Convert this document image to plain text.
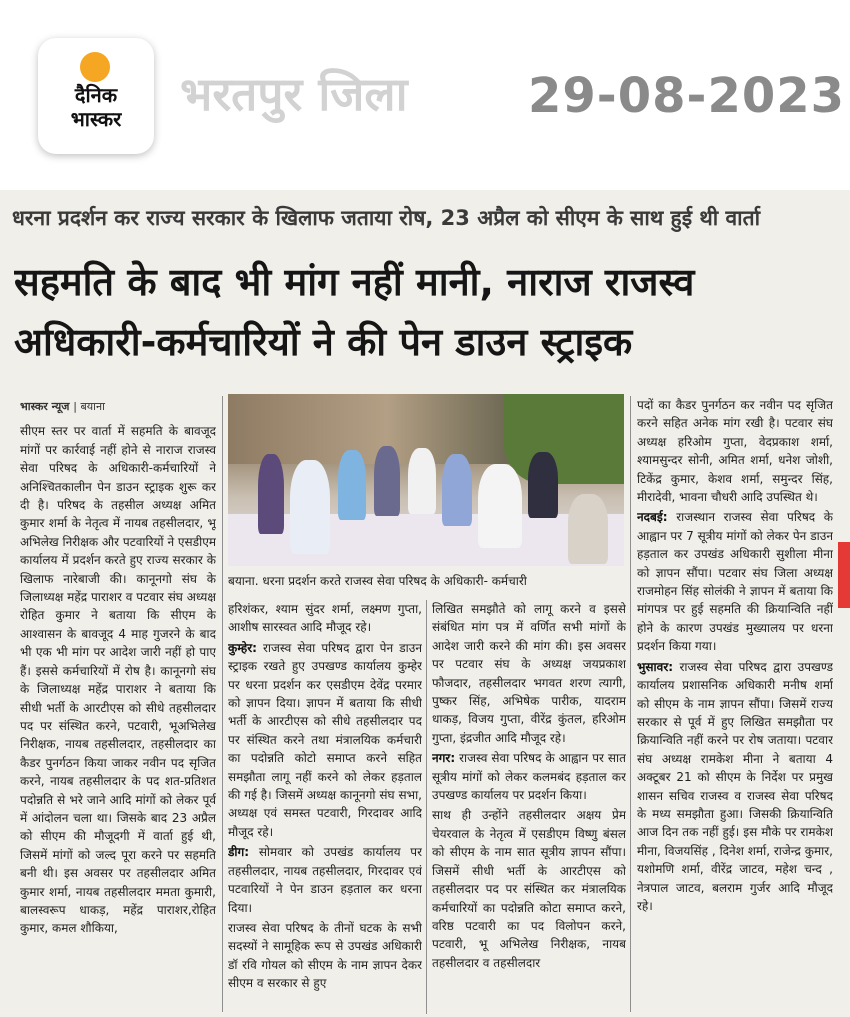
दैनिक
भास्कर	भरतपुर जिला	29-08-2023
धरना प्रदर्शन कर राज्य सरकार के खिलाफ जताया रोष, 23 अप्रैल को सीएम के साथ हुई थी वार्ता
सहमति के बाद भी मांग नहीं मानी, नाराज राजस्व
अधिकारी-कर्मचारियों ने की पेन डाउन स्ट्राइक
भास्कर न्यूज | बयाना

सीएम स्तर पर वार्ता में सहमति के बावजूद मांगों पर कार्रवाई नहीं होने से नाराज राजस्व सेवा परिषद के अधिकारी-कर्मचारियों ने अनिश्चितकालीन पेन डाउन स्ट्राइक शुरू कर दी है। परिषद के तहसील अध्यक्ष अमित कुमार शर्मा के नेतृत्व में नायब तहसीलदार, भू अभिलेख निरीक्षक और पटवारियों ने एसडीएम कार्यालय में प्रदर्शन करते हुए राज्य सरकार के खिलाफ नारेबाजी की। कानूनगो संघ के जिलाध्यक्ष महेंद्र पाराशर व पटवार संघ अध्यक्ष रोहित कुमार ने बताया कि सीएम के आश्वासन के बावजूद 4 माह गुजरने के बाद भी एक भी मांग पर आदेश जारी नहीं हो पाए हैं। इससे कर्मचारियों में रोष है। कानूनगो संघ के जिलाध्यक्ष महेंद्र पाराशर ने बताया कि सीधी भर्ती के आरटीएस को सीधे तहसीलदार पद पर संस्थित करने, पटवारी, भूअभिलेख निरीक्षक, नायब तहसीलदार, तहसीलदार का कैडर पुनर्गठन किया जाकर नवीन पद सृजित करने, नायब तहसीलदार के पद शत-प्रतिशत पदोन्नति से भरे जाने आदि मांगों को लेकर पूर्व में आंदोलन चला था। जिसके बाद 23 अप्रैल को सीएम की मौजूदगी में वार्ता हुई थी, जिसमें मांगों को जल्द पूरा करने पर सहमति बनी थी। इस अवसर पर तहसीलदार अमित कुमार शर्मा, नायब तहसीलदार ममता कुमारी, बालस्वरूप धाकड़, महेंद्र पाराशर,रोहित कुमार, कमल शौकिया,

बयाना. धरना प्रदर्शन करते राजस्व सेवा परिषद के अधिकारी- कर्मचारी

हरिशंकर, श्याम सुंदर शर्मा, लक्ष्मण गुप्ता, आशीष सारस्वत आदि मौजूद रहे।

कुम्हेर: राजस्व सेवा परिषद द्वारा पेन डाउन स्ट्राइक रखते हुए उपखण्ड कार्यालय कुम्हेर पर धरना प्रदर्शन कर एसडीएम देवेंद्र परमार को ज्ञापन दिया। ज्ञापन में बताया कि सीधी भर्ती के आरटीएस को सीधे तहसीलदार पद पर संस्थित करने तथा मंत्रालयिक कर्मचारी का पदोन्नति कोटो समाप्त करने सहित समझौता लागू नहीं करने को लेकर हड़ताल की गई है। जिसमें अध्यक्ष कानूनगो संघ सभा, अध्यक्ष एवं समस्त पटवारी, गिरदावर आदि मौजूद रहे।

डीग: सोमवार को उपखंड कार्यालय पर तहसीलदार, नायब तहसीलदार, गिरदावर एवं पटवारियों ने पेन डाउन हड़ताल कर धरना दिया।

राजस्व सेवा परिषद के तीनों घटक के सभी सदस्यों ने सामूहिक रूप से उपखंड अधिकारी डॉ रवि गोयल को सीएम के नाम ज्ञापन देकर सीएम व सरकार से हुए

लिखित समझौते को लागू करने व इससे संबंधित मांग पत्र में वर्णित सभी मांगों के आदेश जारी करने की मांग की। इस अवसर पर पटवार संघ के अध्यक्ष जयप्रकाश फौजदार, तहसीलदार भगवत शरण त्यागी, पुष्कर सिंह, अभिषेक पारीक, यादराम धाकड़, विजय गुप्ता, वीरेंद्र कुंतल, हरिओम गुप्ता, इंद्रजीत आदि मौजूद रहे।

नगर: राजस्व सेवा परिषद के आह्वान पर सात सूत्रीय मांगों को लेकर कलमबंद हड़ताल कर उपखण्ड कार्यालय पर प्रदर्शन किया।

साथ ही उन्होंने तहसीलदार अक्षय प्रेम चेयरवाल के नेतृत्व में एसडीएम विष्णु बंसल को सीएम के नाम सात सूत्रीय ज्ञापन सौंपा। जिसमें सीधी भर्ती के आरटीएस को तहसीलदार पद पर संस्थित कर मंत्रालयिक कर्मचारियों का पदोन्नति कोटा समाप्त करने, वरिष्ठ पटवारी का पद विलोपन करने, पटवारी, भू अभिलेख निरीक्षक, नायब तहसीलदार व तहसीलदार

पदों का कैडर पुनर्गठन कर नवीन पद सृजित करने सहित अनेक मांग रखी है। पटवार संघ अध्यक्ष हरिओम गुप्ता, वेदप्रकाश शर्मा, श्यामसुन्दर सोनी, अमित शर्मा, धनेश जोशी, टिकेंद्र कुमार, केशव शर्मा, समुन्दर सिंह, मीरादेवी, भावना चौधरी आदि उपस्थित थे।

नदबई: राजस्थान राजस्व सेवा परिषद के आह्वान पर 7 सूत्रीय मांगों को लेकर पेन डाउन हड़ताल कर उपखंड अधिकारी सुशीला मीना को ज्ञापन सौंपा। पटवार संघ जिला अध्यक्ष राजमोहन सिंह सोलंकी ने ज्ञापन में बताया कि मांगपत्र पर हुई सहमति की क्रियान्विति नहीं होने के कारण उपखंड मुख्यालय पर धरना प्रदर्शन किया गया।

भुसावर: राजस्व सेवा परिषद द्वारा उपखण्ड कार्यालय प्रशासनिक अधिकारी मनीष शर्मा को सीएम के नाम ज्ञापन सौंपा। जिसमें राज्य सरकार से पूर्व में हुए लिखित समझौता पर क्रियान्विति नहीं करने पर रोष जताया। पटवार संघ अध्यक्ष रामकेश मीना ने बताया 4 अक्टूबर 21 को सीएम के निर्देश पर प्रमुख शासन सचिव राजस्व व राजस्व सेवा परिषद के मध्य समझौता हुआ। जिसकी क्रियान्विति आज दिन तक नहीं हुई। इस मौके पर रामकेश मीना, विजयसिंह , दिनेश शर्मा, राजेन्द्र कुमार, यशोमणि शर्मा, वीरेंद्र जाटव, महेश चन्द , नेत्रपाल जाटव, बलराम गुर्जर आदि मौजूद रहे।
